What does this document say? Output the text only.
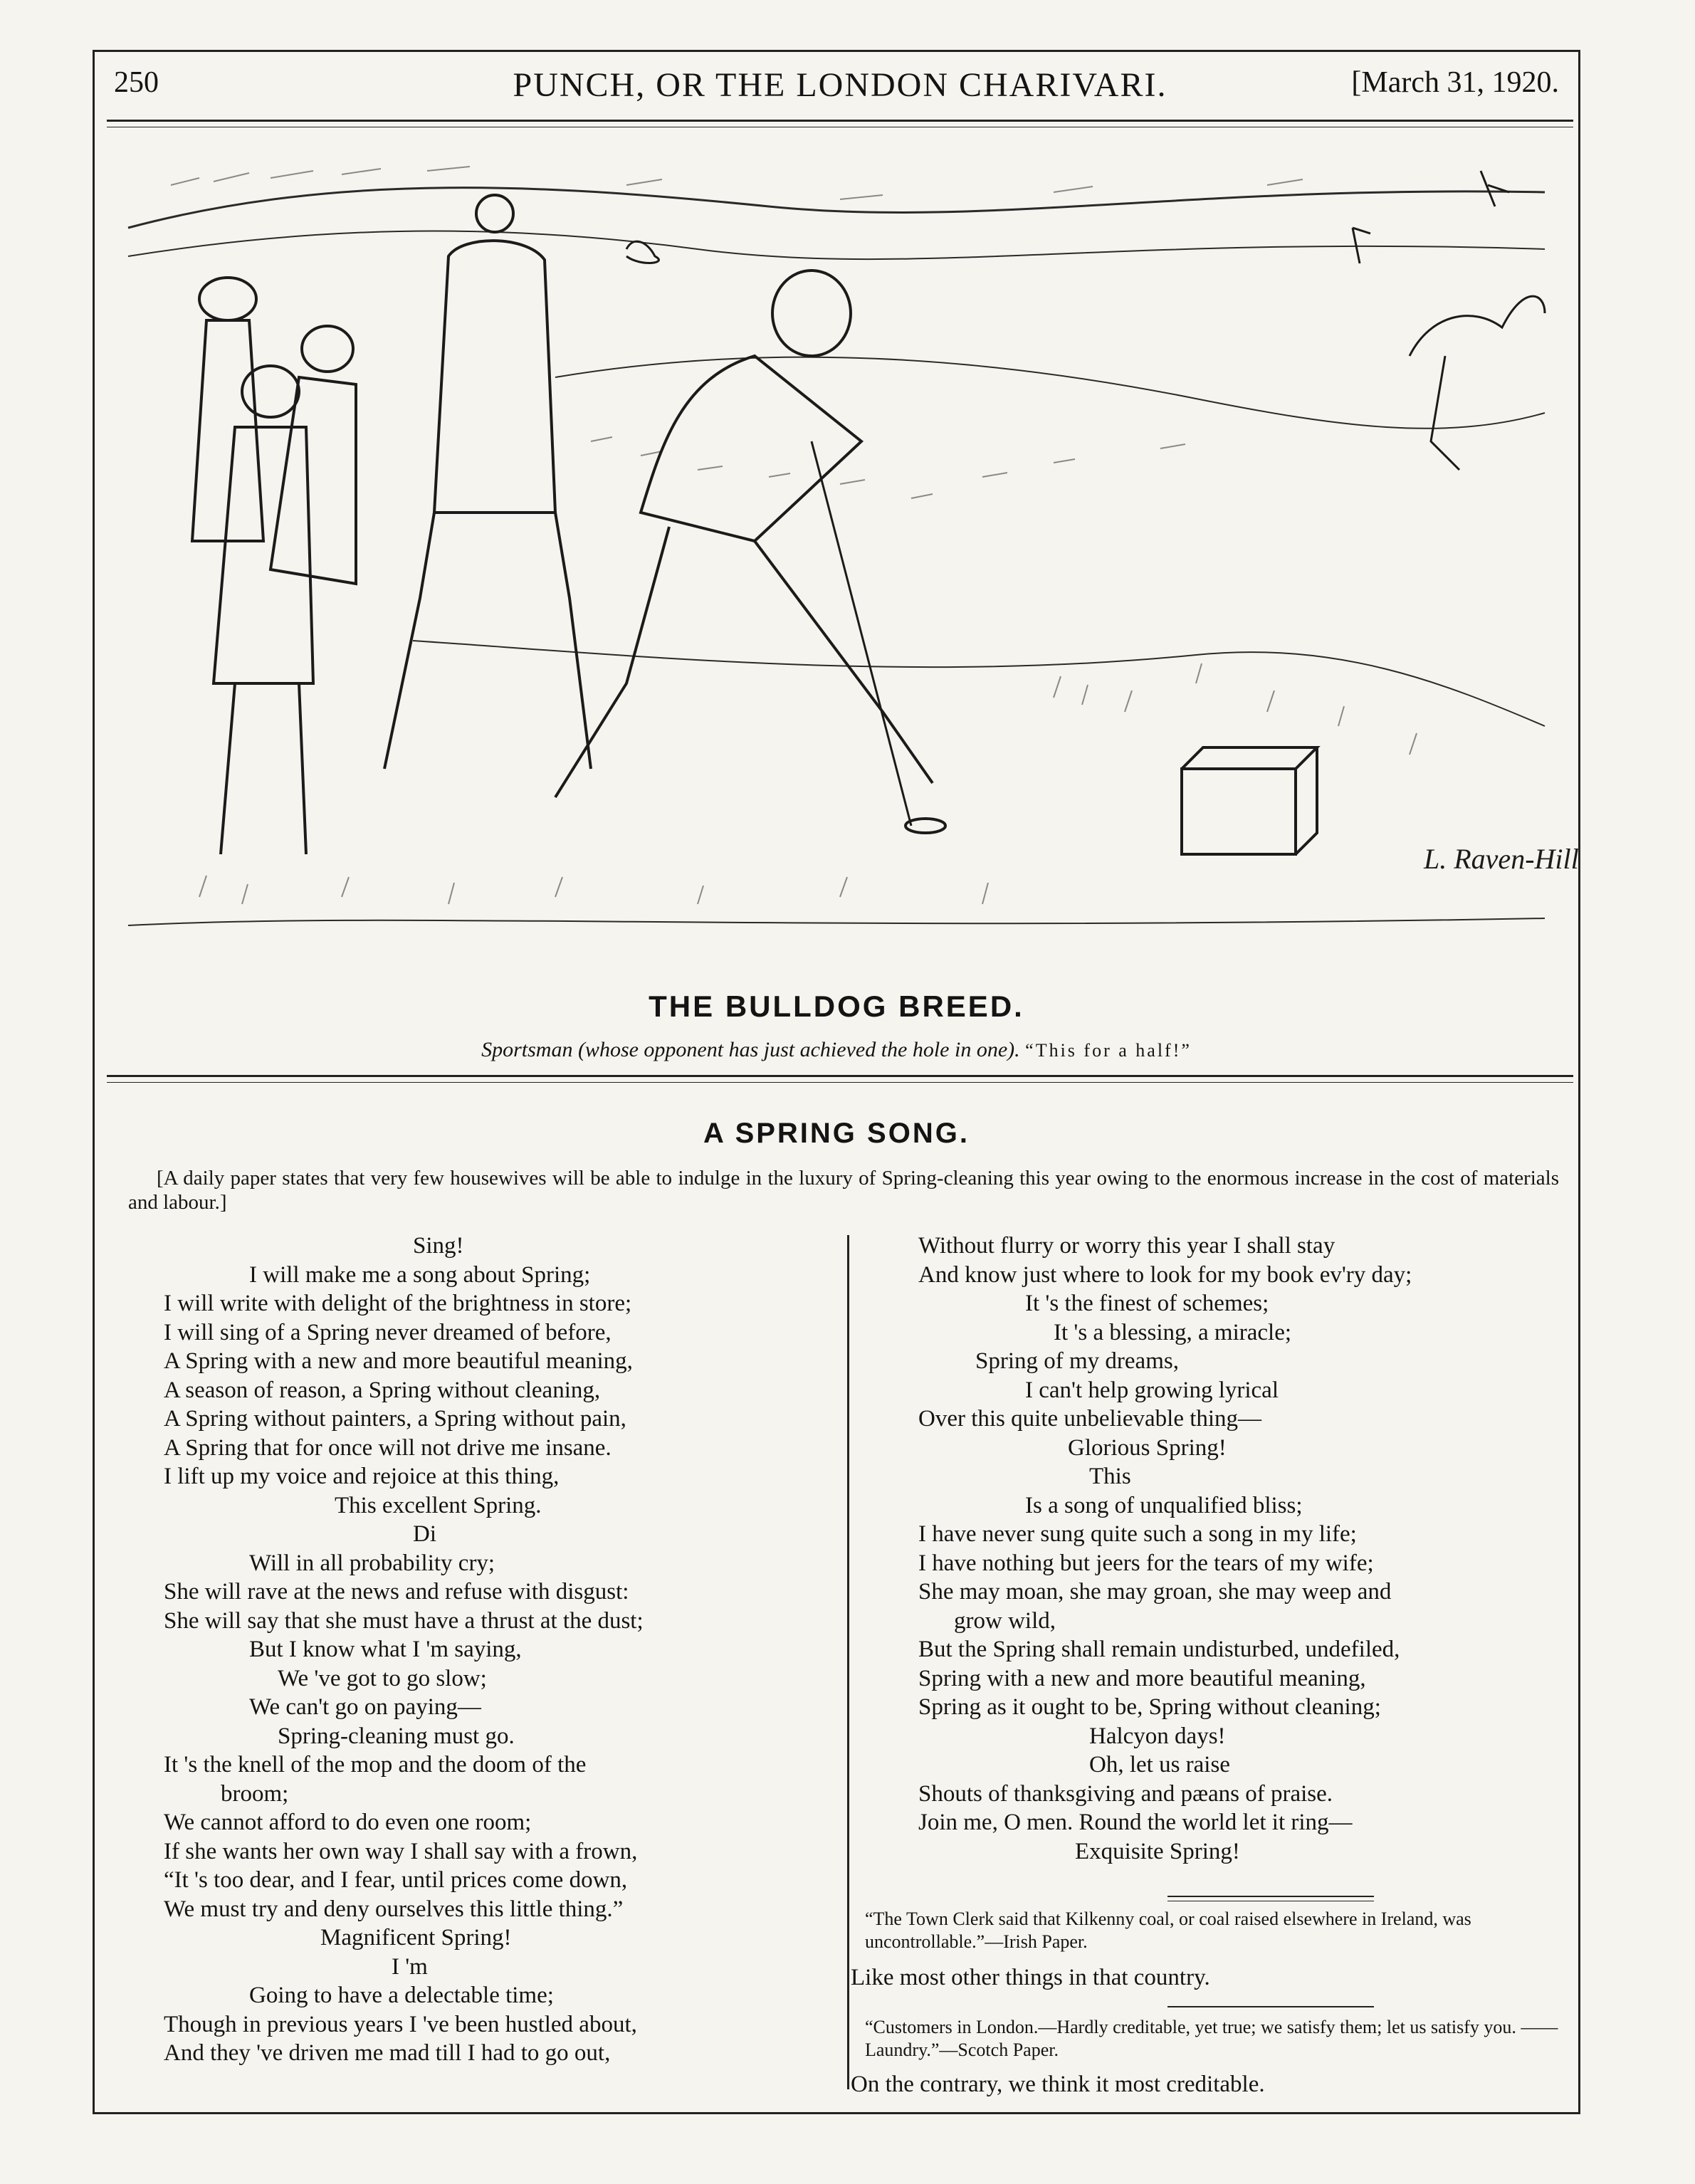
250	PUNCH, OR THE LONDON CHARIVARI.	[March 31, 1920.
L. Raven-Hill
THE BULLDOG BREED.
Sportsman (whose opponent has just achieved the hole in one). “This for a half!”
A SPRING SONG.
[A daily paper states that very few housewives will be able to indulge in the luxury of Spring-cleaning this year owing to the enormous increase in the cost of materials and labour.]
Sing!
I will make me a song about Spring;
I will write with delight of the brightness in store;
I will sing of a Spring never dreamed of before,
A Spring with a new and more beautiful meaning,
A season of reason, a Spring without cleaning,
A Spring without painters, a Spring without pain,
A Spring that for once will not drive me insane.
I lift up my voice and rejoice at this thing,
This excellent Spring.
Di
Will in all probability cry;
She will rave at the news and refuse with disgust:
She will say that she must have a thrust at the dust;
But I know what I 'm saying,
We 've got to go slow;
We can't go on paying—
Spring-cleaning must go.
It 's the knell of the mop and the doom of the
broom;
We cannot afford to do even one room;
If she wants her own way I shall say with a frown,
“It 's too dear, and I fear, until prices come down,
We must try and deny ourselves this little thing.”
Magnificent Spring!
I 'm
Going to have a delectable time;
Though in previous years I 've been hustled about,
And they 've driven me mad till I had to go out,
Without flurry or worry this year I shall stay
And know just where to look for my book ev'ry day;
It 's the finest of schemes;
It 's a blessing, a miracle;
Spring of my dreams,
I can't help growing lyrical
Over this quite unbelievable thing—
Glorious Spring!
This
Is a song of unqualified bliss;
I have never sung quite such a song in my life;
I have nothing but jeers for the tears of my wife;
She may moan, she may groan, she may weep and
grow wild,
But the Spring shall remain undisturbed, undefiled,
Spring with a new and more beautiful meaning,
Spring as it ought to be, Spring without cleaning;
Halcyon days!
Oh, let us raise
Shouts of thanksgiving and pæans of praise.
Join me, O men. Round the world let it ring—
Exquisite Spring!
“The Town Clerk said that Kilkenny coal, or coal raised elsewhere in Ireland, was uncontrollable.”—Irish Paper.
Like most other things in that country.
“Customers in London.—Hardly creditable, yet true; we satisfy them; let us satisfy you. —— Laundry.”—Scotch Paper.
On the contrary, we think it most creditable.
